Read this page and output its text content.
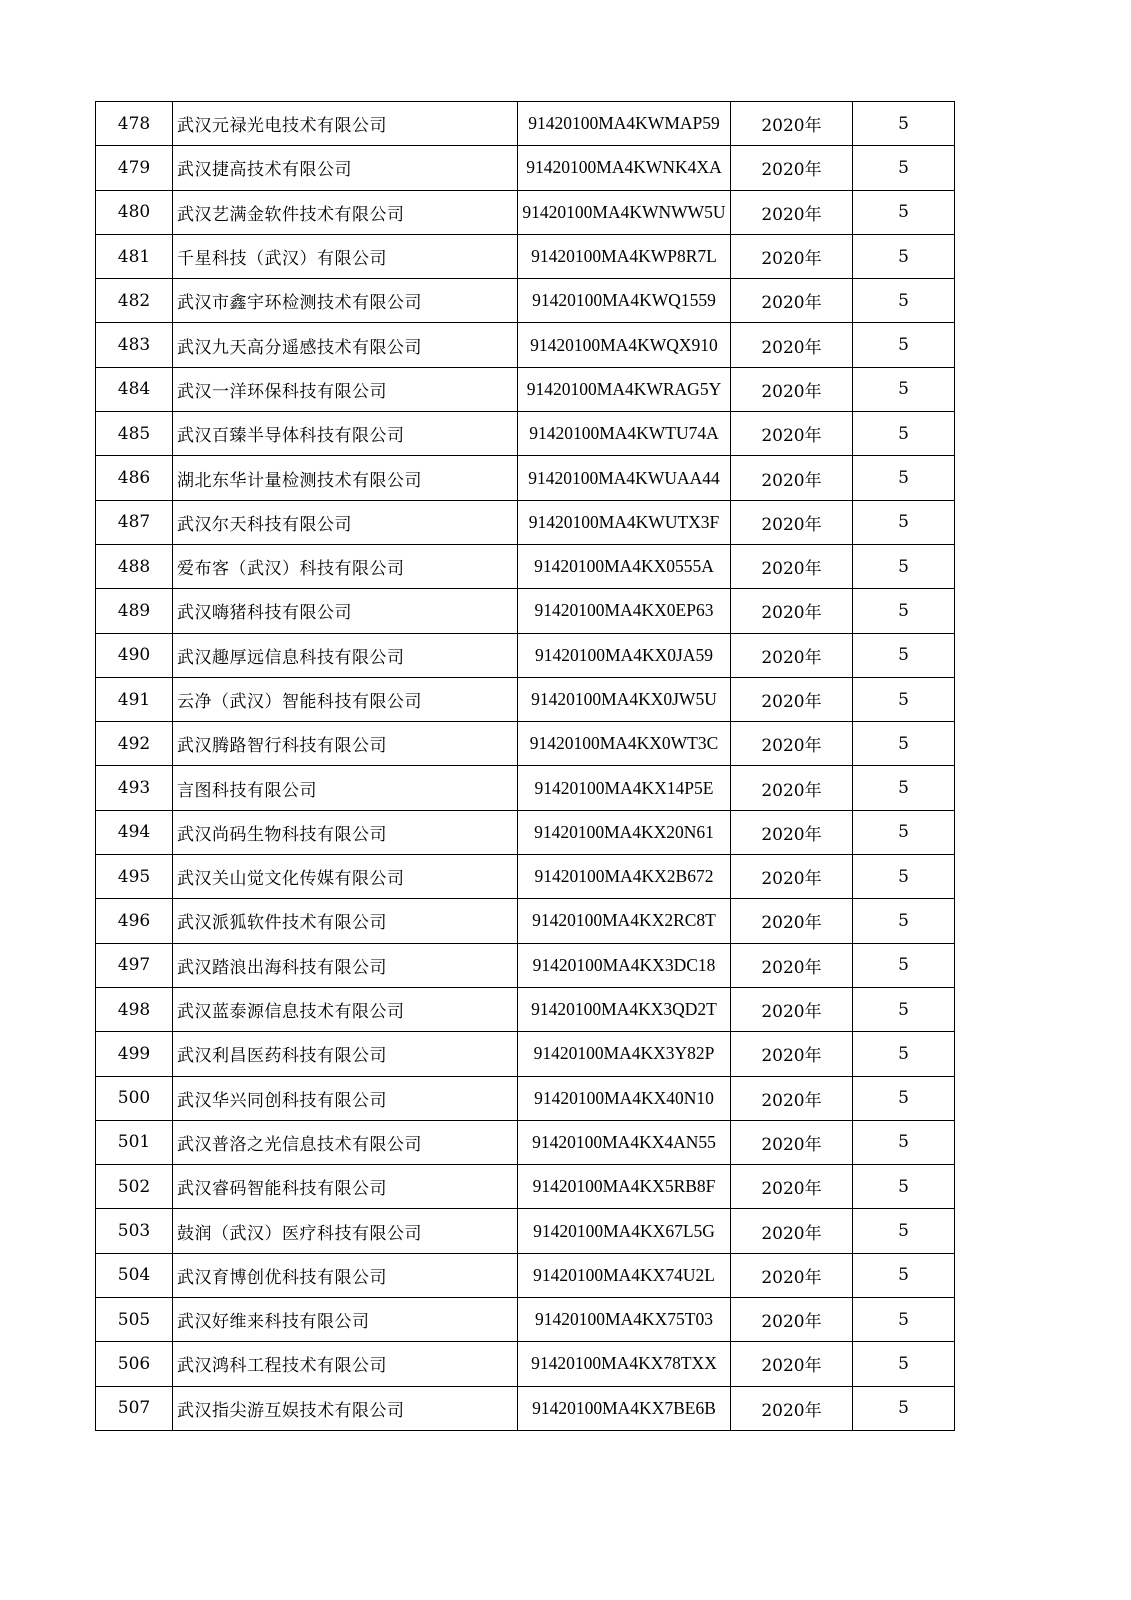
478	武汉元禄光电技术有限公司	91420100MA4KWMAP59	2020年	5
479	武汉捷高技术有限公司	91420100MA4KWNK4XA	2020年	5
480	武汉艺满金软件技术有限公司	91420100MA4KWNWW5U	2020年	5
481	千星科技（武汉）有限公司	91420100MA4KWP8R7L	2020年	5
482	武汉市鑫宇环检测技术有限公司	91420100MA4KWQ1559	2020年	5
483	武汉九天高分遥感技术有限公司	91420100MA4KWQX910	2020年	5
484	武汉一洋环保科技有限公司	91420100MA4KWRAG5Y	2020年	5
485	武汉百臻半导体科技有限公司	91420100MA4KWTU74A	2020年	5
486	湖北东华计量检测技术有限公司	91420100MA4KWUAA44	2020年	5
487	武汉尔天科技有限公司	91420100MA4KWUTX3F	2020年	5
488	爱布客（武汉）科技有限公司	91420100MA4KX0555A	2020年	5
489	武汉嗨猪科技有限公司	91420100MA4KX0EP63	2020年	5
490	武汉趣厚远信息科技有限公司	91420100MA4KX0JA59	2020年	5
491	云净（武汉）智能科技有限公司	91420100MA4KX0JW5U	2020年	5
492	武汉腾路智行科技有限公司	91420100MA4KX0WT3C	2020年	5
493	言图科技有限公司	91420100MA4KX14P5E	2020年	5
494	武汉尚码生物科技有限公司	91420100MA4KX20N61	2020年	5
495	武汉关山觉文化传媒有限公司	91420100MA4KX2B672	2020年	5
496	武汉派狐软件技术有限公司	91420100MA4KX2RC8T	2020年	5
497	武汉踏浪出海科技有限公司	91420100MA4KX3DC18	2020年	5
498	武汉蓝泰源信息技术有限公司	91420100MA4KX3QD2T	2020年	5
499	武汉利昌医药科技有限公司	91420100MA4KX3Y82P	2020年	5
500	武汉华兴同创科技有限公司	91420100MA4KX40N10	2020年	5
501	武汉普洛之光信息技术有限公司	91420100MA4KX4AN55	2020年	5
502	武汉睿码智能科技有限公司	91420100MA4KX5RB8F	2020年	5
503	鼓润（武汉）医疗科技有限公司	91420100MA4KX67L5G	2020年	5
504	武汉育博创优科技有限公司	91420100MA4KX74U2L	2020年	5
505	武汉好维来科技有限公司	91420100MA4KX75T03	2020年	5
506	武汉鸿科工程技术有限公司	91420100MA4KX78TXX	2020年	5
507	武汉指尖游互娱技术有限公司	91420100MA4KX7BE6B	2020年	5
